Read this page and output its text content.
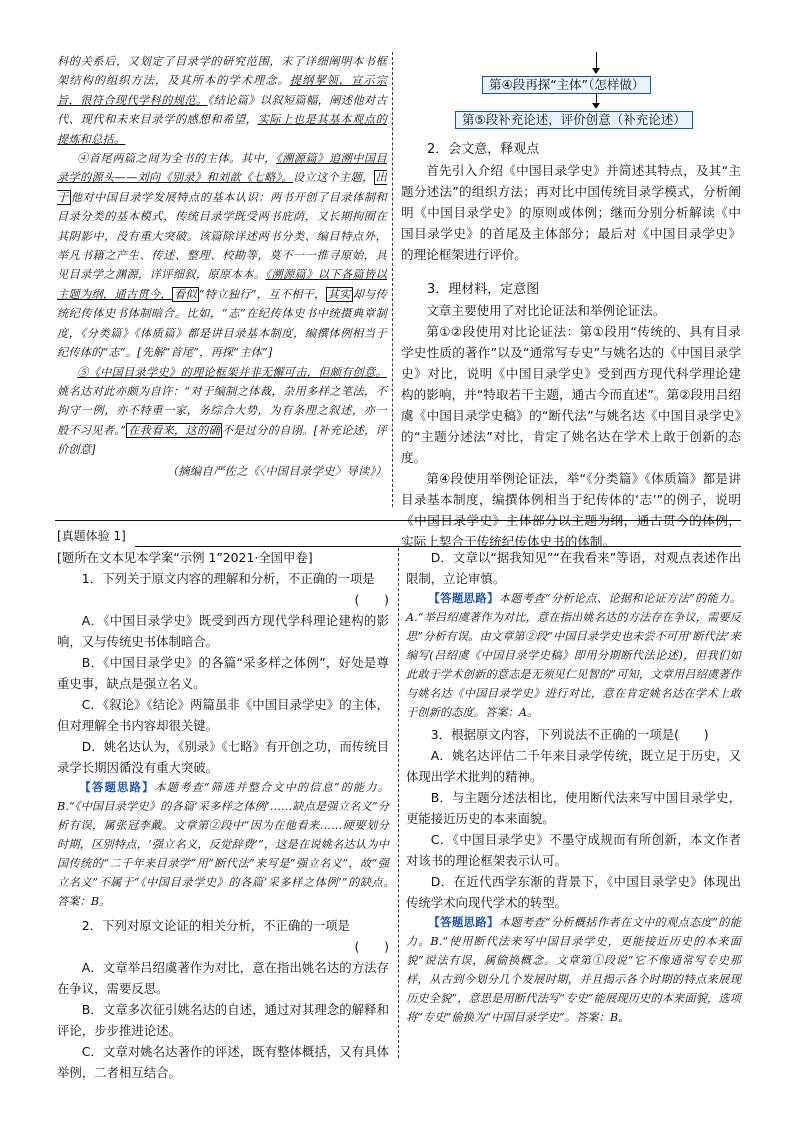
科的关系后，又划定了目录学的研究范围，末了详细阐明本书框架结构的组织方法，及其所本的学术理念。提纲挈领，宣示宗旨，很符合现代学科的规范。《结论篇》以叙短篇幅，阐述他对古代、现代和未来目录学的感想和希望，实际上也是其基本观点的提炼和总括。

④首尾两篇之间为全书的主体。其中，《溯源篇》追溯中国目录学的源头——刘向《别录》和刘歆《七略》。设立这个主题， 出于 他对中国目录学发展特点的基本认识：两书开创了目录体制和目录分类的基本模式，传统目录学既受两书庇荫，又长期拘囿在其阴影中，没有重大突破。该篇除详述两书分类、编目特点外，举凡书籍之产生、传述、整理、校勘等，莫不一一推寻原始，具见目录学之渊源，详评细叙，原原本本。《溯源篇》以下各篇皆以主题为纲，通古贯今， 看似 “特立独行”，互不相干， 其实 却与传统纪传体史书体制暗合。比如，“志”在纪传体史书中统摄典章制度，《分类篇》《体质篇》都是讲目录基本制度，编撰体例相当于纪传体的“志”。[先解“首尾”，再探“主体”]

⑤《中国目录学史》的理论框架并非无懈可击，但颇有创意。姚名达对此亦颇为自许：“对于编制之体裁，杂用多样之笔法，不拘守一例，亦不特重一家，务综合大势，为有条理之叙述，亦一般不习见者。” 在我看来，这的确 不是过分的自诩。[补充论述，评价创意]

（摘编自严佐之《〈中国目录学史〉导读》）

第④段再探“主体”（怎样做）
第⑤段补充论述，评价创意（补充论述）
2．会文意，释观点

首先引入介绍《中国目录学史》并简述其特点，及其“主题分述法”的组织方法；再对比中国传统目录学模式，分析阐明《中国目录学史》的原则或体例；继而分别分析解读《中国目录学史》的首尾及主体部分；最后对《中国目录学史》的理论框架进行评价。

3．理材料，定意图

文章主要使用了对比论证法和举例论证法。

第①②段使用对比论证法：第①段用“传统的、具有目录学史性质的著作”以及“通常写专史”与姚名达的《中国目录学史》对比，说明《中国目录学史》受到西方现代科学理论建构的影响，并“特取若干主题，通古今而直述”。第②段用吕绍虞《中国目录学史稿》的“断代法”与姚名达《中国目录学史》的“主题分述法”对比，肯定了姚名达在学术上敢于创新的态度。

第④段使用举例论证法，举“《分类篇》《体质篇》都是讲目录基本制度，编撰体例相当于纪传体的‘志’”的例子，说明《中国目录学史》主体部分以主题为纲，通古贯今的体例，实际上契合于传统纪传体史书的体制。

[真题体验 1]

[题所在文本见本学案“示例 1”2021·全国甲卷]

1．下列关于原文内容的理解和分析，不正确的一项是

(　　)

A．《中国目录学史》既受到西方现代学科理论建构的影响，又与传统史书体制暗合。

B．《中国目录学史》的各篇“采多样之体例”，好处是尊重史事，缺点是强立名义。

C．《叙论》《结论》两篇虽非《中国目录学史》的主体，但对理解全书内容却很关键。

D．姚名达认为，《别录》《七略》有开创之功，而传统目录学长期因循没有重大突破。

【答题思路】本题考查“筛选并整合文中的信息”的能力。B.“《中国目录学史》的各篇‘采多样之体例’……缺点是强立名义”分析有误，属张冠李戴。文章第②段中“因为在他看来……硬要划分时期，区别特点，‘强立名义，反觉辞费’”，这是在说姚名达认为中国传统的“二千年来目录学”用“断代法”来写是“强立名义”，故“强立名义”不属于“《中国目录学史》的各篇‘采多样之体例’”的缺点。　答案：B。

2．下列对原文论证的相关分析，不正确的一项是

(　　)

A．文章举吕绍虞著作为对比，意在指出姚名达的方法存在争议，需要反思。

B．文章多次征引姚名达的自述，通过对其理念的解释和评论，步步推进论述。

C．文章对姚名达著作的评述，既有整体概括，又有具体举例，二者相互结合。

D．文章以“据我知见”“在我看来”等语，对观点表述作出限制，立论审慎。

【答题思路】本题考查“分析论点、论据和论证方法”的能力。A.“举吕绍虞著作为对比，意在指出姚名达的方法存在争议，需要反思”分析有误。由文章第②段“中国目录学史也未尝不可用‘断代法’来编写(吕绍虞《中国目录学史稿》即用分期断代法论述)，但我们如此敢于学术创新的意志是无须见仁见智的”可知，文章用吕绍虞著作与姚名达《中国目录学史》进行对比，意在肯定姚名达在学术上敢于创新的态度。答案：A。

3．根据原文内容，下列说法不正确的一项是(　　)

A．姚名达评估二千年来目录学传统，既立足于历史，又体现出学术批判的精神。

B．与主题分述法相比，使用断代法来写中国目录学史，更能接近历史的本来面貌。

C．《中国目录学史》不墨守成规而有所创新，本文作者对该书的理论框架表示认可。

D．在近代西学东渐的背景下，《中国目录学史》体现出传统学术向现代学术的转型。

【答题思路】本题考查“分析概括作者在文中的观点态度”的能力。B.“使用断代法来写中国目录学史，更能接近历史的本来面貌”说法有误，属偷换概念。文章第①段说“它不像通常写专史那样，从古到今划分几个发展时期，并且揭示各个时期的特点来展现历史全貌”，意思是用断代法写“专史”能展现历史的本来面貌，选项将“专史”偷换为“中国目录学史”。答案：B。
